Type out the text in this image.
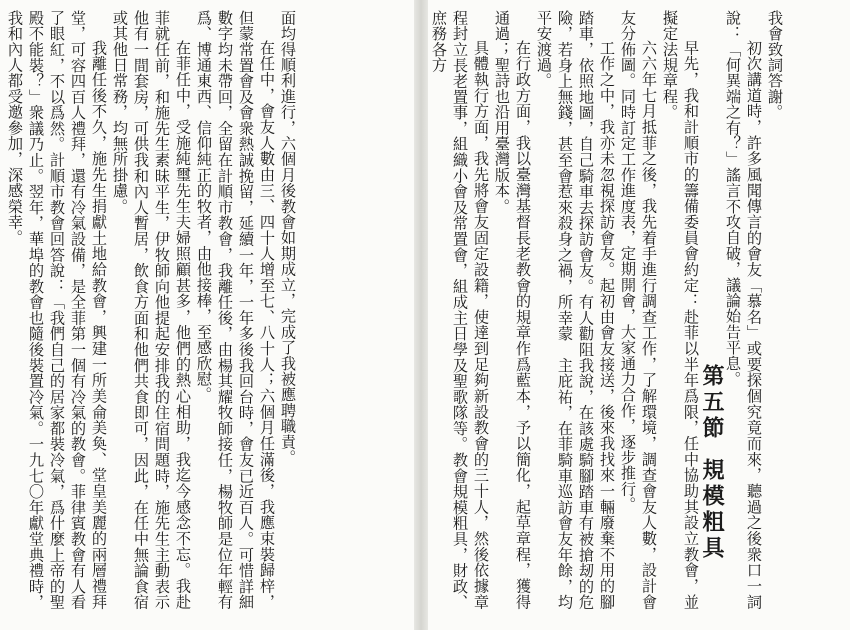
我會致詞答謝。

初次講道時，許多風聞傳言的會友「慕名」或要探個究竟而來，聽過之後衆口一詞說：「何異端之有？」謠言不攻自破，議論始告平息。

第五節規模粗具

早先，我和計順市的籌備委員會約定：赴菲以半年爲限，任中協助其設立教會，並擬定法規章程。

六六年七月抵菲之後，我先着手進行調查工作，了解環境，調查會友人數，設計會友分佈圖。同時訂定工作進度表，定期開會，大家通力合作，逐步推行。

工作之中，我亦未忽視探訪會友。起初由會友接送，後來我找來一輛廢棄不用的腳踏車，依照地圖，自己騎車去探訪會友。有人勸阻我說，在該處騎腳踏車有被搶刼的危險，若身上無錢，甚至會惹來殺身之禍，所幸蒙　主庇祐，在菲騎車巡訪會友年餘，均平安渡過。

在行政方面，我以臺灣基督長老教會的規章作爲藍本，予以簡化，起草章程，獲得通過；聖詩也沿用臺灣版本。

具體執行方面，我先將會友固定設籍，使達到足夠新設教會的三十人，然後依據章程封立長老置事，組織小會及常置會，組成主日學及聖歌隊等。教會規模粗具，財政、庶務各方

面均得順利進行，六個月後教會如期成立，完成了我被應聘職責。

在任中，會友人數由三、四十人增至七、八十人；六個月任滿後，我應束裝歸梓，但蒙常置會及會衆熱誠挽留，延續一年，一年多後我回台時，會友已近百人。可惜詳細數字均未帶回，全留在計順市教會，我離任後，由楊其耀牧師接任，楊牧師是位年輕有爲、博通東西、信仰純正的牧者，由他接棒，至感欣慰。

在菲任中，受施純璽先生夫婦照顧甚多，他們的熱心相助，我迄今感念不忘。我赴菲就任前，和施先生素昧平生，伊牧師向他提起安排我的住宿問題時，施先生主動表示他有一間套房，可供我和內人暫居，飲食方面和他們共食即可，因此，在任中無論食宿或其他日常務，均無所掛慮。

我離任後不久，施先生捐獻土地給教會，興建一所美侖美奐、堂皇美麗的兩層禮拜堂，可容四百人禮拜，還有冷氣設備，是全菲第一個有冷氣的教會。菲律賓教會有人看了眼紅，不以爲然。計順市教會回答說：「我們自己的居家都裝冷氣，爲什麼上帝的聖殿不能裝？」衆議乃止。翌年，華埠的教會也隨後裝置冷氣。一九七〇年獻堂典禮時，我和內人都受邀參加，深感榮幸。
